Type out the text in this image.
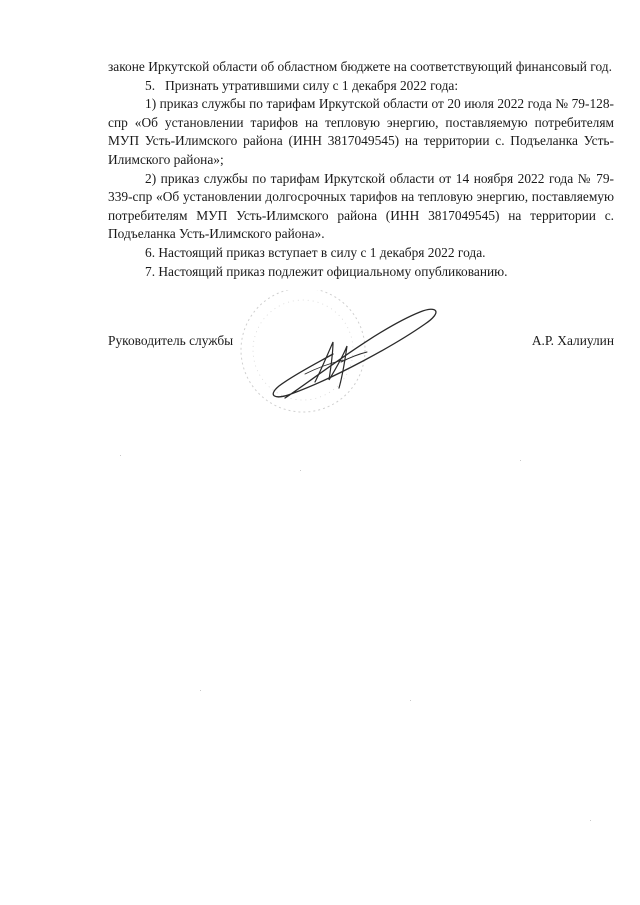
законе Иркутской области об областном бюджете на соответствующий финансовый год.

5.   Признать утратившими силу с 1 декабря 2022 года:

1) приказ службы по тарифам Иркутской области от 20 июля 2022 года № 79-128-спр «Об установлении тарифов на тепловую энергию, поставляемую потребителям МУП Усть-Илимского района (ИНН 3817049545) на территории с. Подъеланка Усть-Илимского района»;

2) приказ службы по тарифам Иркутской области от 14 ноября 2022 года № 79-339-спр «Об установлении долгосрочных тарифов на тепловую энергию, поставляемую потребителям МУП Усть-Илимского района (ИНН 3817049545) на территории с. Подъеланка Усть-Илимского района».

6. Настоящий приказ вступает в силу с 1 декабря 2022 года.

7. Настоящий приказ подлежит официальному опубликованию.

Руководитель службы	А.Р. Халиулин
